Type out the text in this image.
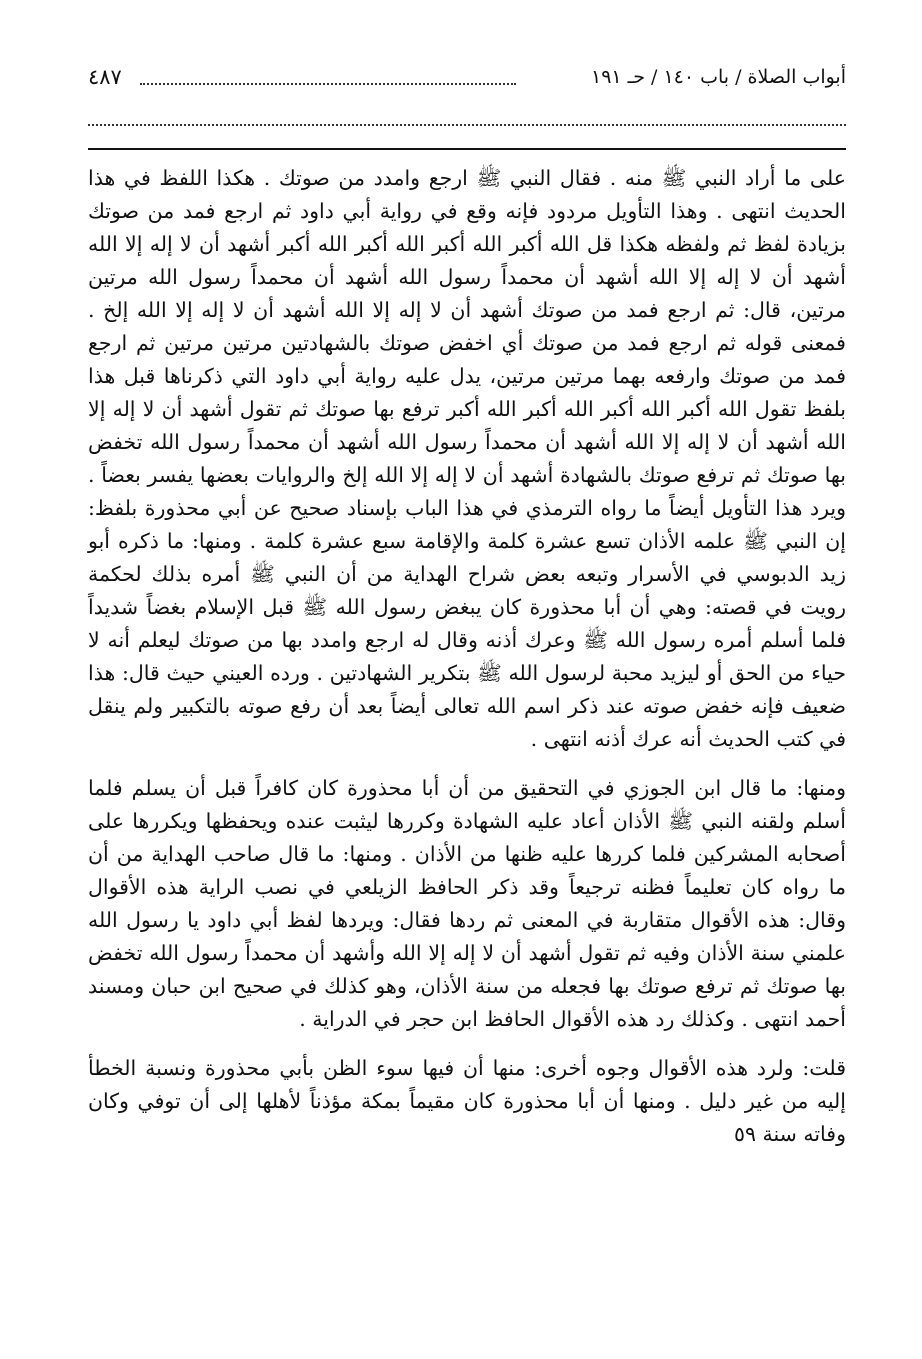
أبواب الصلاة / باب ١٤٠ / حـ ١٩١
٤٨٧

على ما أراد النبي ﷺ منه . فقال النبي ﷺ ارجع وامدد من صوتك . هكذا اللفظ في هذا الحديث انتهى . وهذا التأويل مردود فإنه وقع في رواية أبي داود ثم ارجع فمد من صوتك بزيادة لفظ ثم ولفظه هكذا قل الله أكبر الله أكبر الله أكبر الله أكبر أشهد أن لا إله إلا الله أشهد أن لا إله إلا الله أشهد أن محمداً رسول الله أشهد أن محمداً رسول الله مرتين مرتين، قال: ثم ارجع فمد من صوتك أشهد أن لا إله إلا الله أشهد أن لا إله إلا الله إلخ . فمعنى قوله ثم ارجع فمد من صوتك أي اخفض صوتك بالشهادتين مرتين مرتين ثم ارجع فمد من صوتك وارفعه بهما مرتين مرتين، يدل عليه رواية أبي داود التي ذكرناها قبل هذا بلفظ تقول الله أكبر الله أكبر الله أكبر الله أكبر ترفع بها صوتك ثم تقول أشهد أن لا إله إلا الله أشهد أن لا إله إلا الله أشهد أن محمداً رسول الله أشهد أن محمداً رسول الله تخفض بها صوتك ثم ترفع صوتك بالشهادة أشهد أن لا إله إلا الله إلخ والروايات بعضها يفسر بعضاً . ويرد هذا التأويل أيضاً ما رواه الترمذي في هذا الباب بإسناد صحيح عن أبي محذورة بلفظ: إن النبي ﷺ علمه الأذان تسع عشرة كلمة والإقامة سبع عشرة كلمة . ومنها: ما ذكره أبو زيد الدبوسي في الأسرار وتبعه بعض شراح الهداية من أن النبي ﷺ أمره بذلك لحكمة رويت في قصته: وهي أن أبا محذورة كان يبغض رسول الله ﷺ قبل الإسلام بغضاً شديداً فلما أسلم أمره رسول الله ﷺ وعرك أذنه وقال له ارجع وامدد بها من صوتك ليعلم أنه لا حياء من الحق أو ليزيد محبة لرسول الله ﷺ بتكرير الشهادتين . ورده العيني حيث قال: هذا ضعيف فإنه خفض صوته عند ذكر اسم الله تعالى أيضاً بعد أن رفع صوته بالتكبير ولم ينقل في كتب الحديث أنه عرك أذنه انتهى .

ومنها: ما قال ابن الجوزي في التحقيق من أن أبا محذورة كان كافراً قبل أن يسلم فلما أسلم ولقنه النبي ﷺ الأذان أعاد عليه الشهادة وكررها ليثبت عنده ويحفظها ويكررها على أصحابه المشركين فلما كررها عليه ظنها من الأذان . ومنها: ما قال صاحب الهداية من أن ما رواه كان تعليماً فظنه ترجيعاً وقد ذكر الحافظ الزيلعي في نصب الراية هذه الأقوال وقال: هذه الأقوال متقاربة في المعنى ثم ردها فقال: ويردها لفظ أبي داود يا رسول الله علمني سنة الأذان وفيه ثم تقول أشهد أن لا إله إلا الله وأشهد أن محمداً رسول الله تخفض بها صوتك ثم ترفع صوتك بها فجعله من سنة الأذان، وهو كذلك في صحيح ابن حبان ومسند أحمد انتهى . وكذلك رد هذه الأقوال الحافظ ابن حجر في الدراية .

قلت: ولرد هذه الأقوال وجوه أخرى: منها أن فيها سوء الظن بأبي محذورة ونسبة الخطأ إليه من غير دليل . ومنها أن أبا محذورة كان مقيماً بمكة مؤذناً لأهلها إلى أن توفي وكان وفاته سنة ٥٩
